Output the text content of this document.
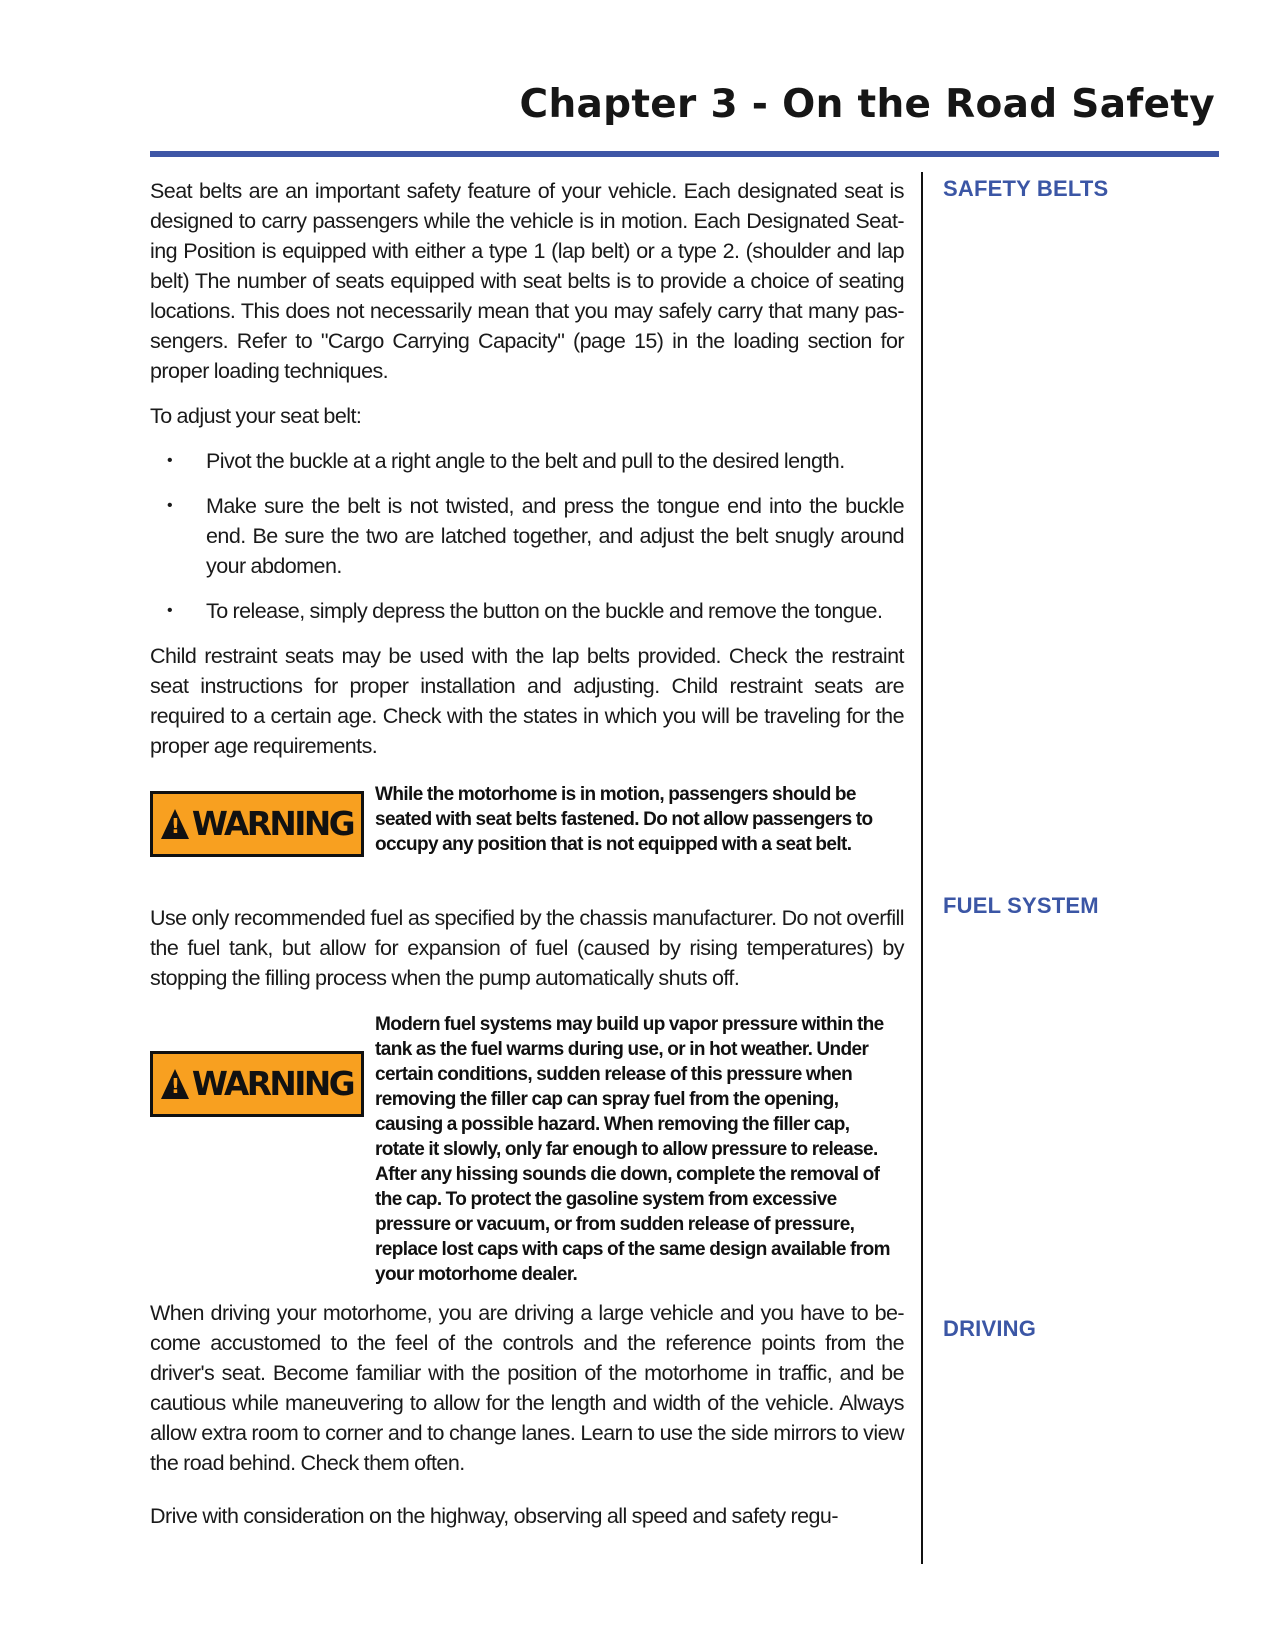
Chapter 3 - On the Road Safety
SAFETY BELTS
FUEL SYSTEM
DRIVING

Seat belts are an important safety feature of your vehicle. Each designated seat is designed to carry passengers while the vehicle is in motion. Each Designated Seat-ing Position is equipped with either a type 1 (lap belt) or a type 2. (shoulder and lap belt) The number of seats equipped with seat belts is to provide a choice of seating locations. This does not necessarily mean that you may safely carry that many pas-sengers. Refer to "Cargo Carrying Capacity" (page 15) in the loading section for proper loading techniques.

To adjust your seat belt:

• Pivot the buckle at a right angle to the belt and pull to the desired length.
• Make sure the belt is not twisted, and press the tongue end into the buckle end. Be sure the two are latched together, and adjust the belt snugly around your abdomen.
• To release, simply depress the button on the buckle and remove the tongue.

Child restraint seats may be used with the lap belts provided. Check the restraint seat instructions for proper installation and adjusting. Child restraint seats are required to a certain age. Check with the states in which you will be traveling for the proper age requirements.

!
WARNING

While the motorhome is in motion, passengers should be seated with seat belts fastened. Do not allow passengers to occupy any position that is not equipped with a seat belt.

Use only recommended fuel as specified by the chassis manufacturer. Do not overfill the fuel tank, but allow for expansion of fuel (caused by rising temperatures) by stopping the filling process when the pump automatically shuts off.

!
WARNING

Modern fuel systems may build up vapor pressure within the tank as the fuel warms during use, or in hot weather. Under certain conditions, sudden release of this pressure when removing the filler cap can spray fuel from the opening, causing a possible hazard. When removing the filler cap, rotate it slowly, only far enough to allow pressure to release. After any hissing sounds die down, complete the removal of the cap. To protect the gasoline system from excessive pressure or vacuum, or from sudden release of pressure, replace lost caps with caps of the same design available from your motorhome dealer.

When driving your motorhome, you are driving a large vehicle and you have to be-come accustomed to the feel of the controls and the reference points from the driver's seat. Become familiar with the position of the motorhome in traffic, and be cautious while maneuvering to allow for the length and width of the vehicle. Always allow extra room to corner and to change lanes. Learn to use the side mirrors to view the road behind. Check them often.

Drive with consideration on the highway, observing all speed and safety regu-
